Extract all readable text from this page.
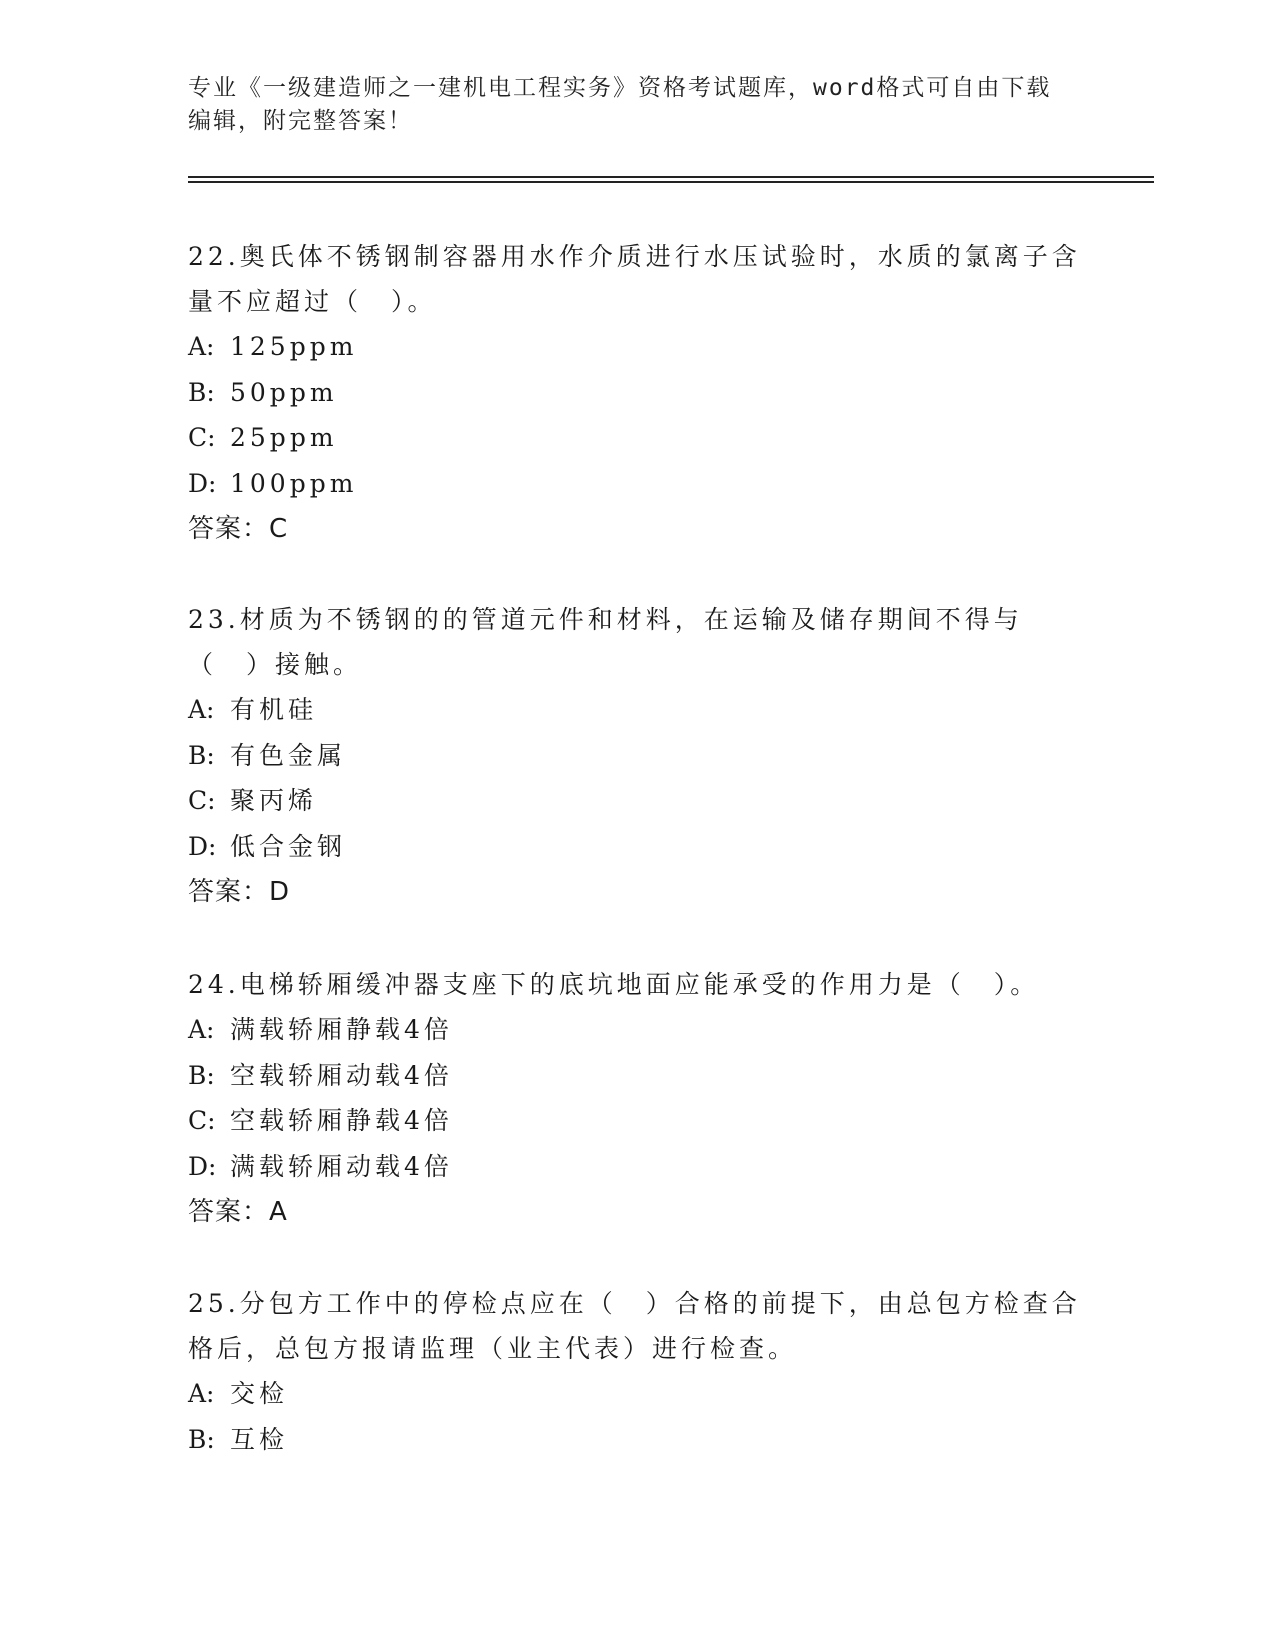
专业《一级建造师之一建机电工程实务》资格考试题库，word格式可自由下载编辑，附完整答案！

22.奥氏体不锈钢制容器用水作介质进行水压试验时，水质的氯离子含量不应超过（　）。

A: 125ppm

B: 50ppm

C: 25ppm

D: 100ppm

答案：C

23.材质为不锈钢的的管道元件和材料，在运输及储存期间不得与（　）接触。

A: 有机硅

B: 有色金属

C: 聚丙烯

D: 低合金钢

答案：D

24.电梯轿厢缓冲器支座下的底坑地面应能承受的作用力是（　）。

A: 满载轿厢静载4倍

B: 空载轿厢动载4倍

C: 空载轿厢静载4倍

D: 满载轿厢动载4倍

答案：A

25.分包方工作中的停检点应在（　）合格的前提下，由总包方检查合格后，总包方报请监理（业主代表）进行检查。

A: 交检

B: 互检
